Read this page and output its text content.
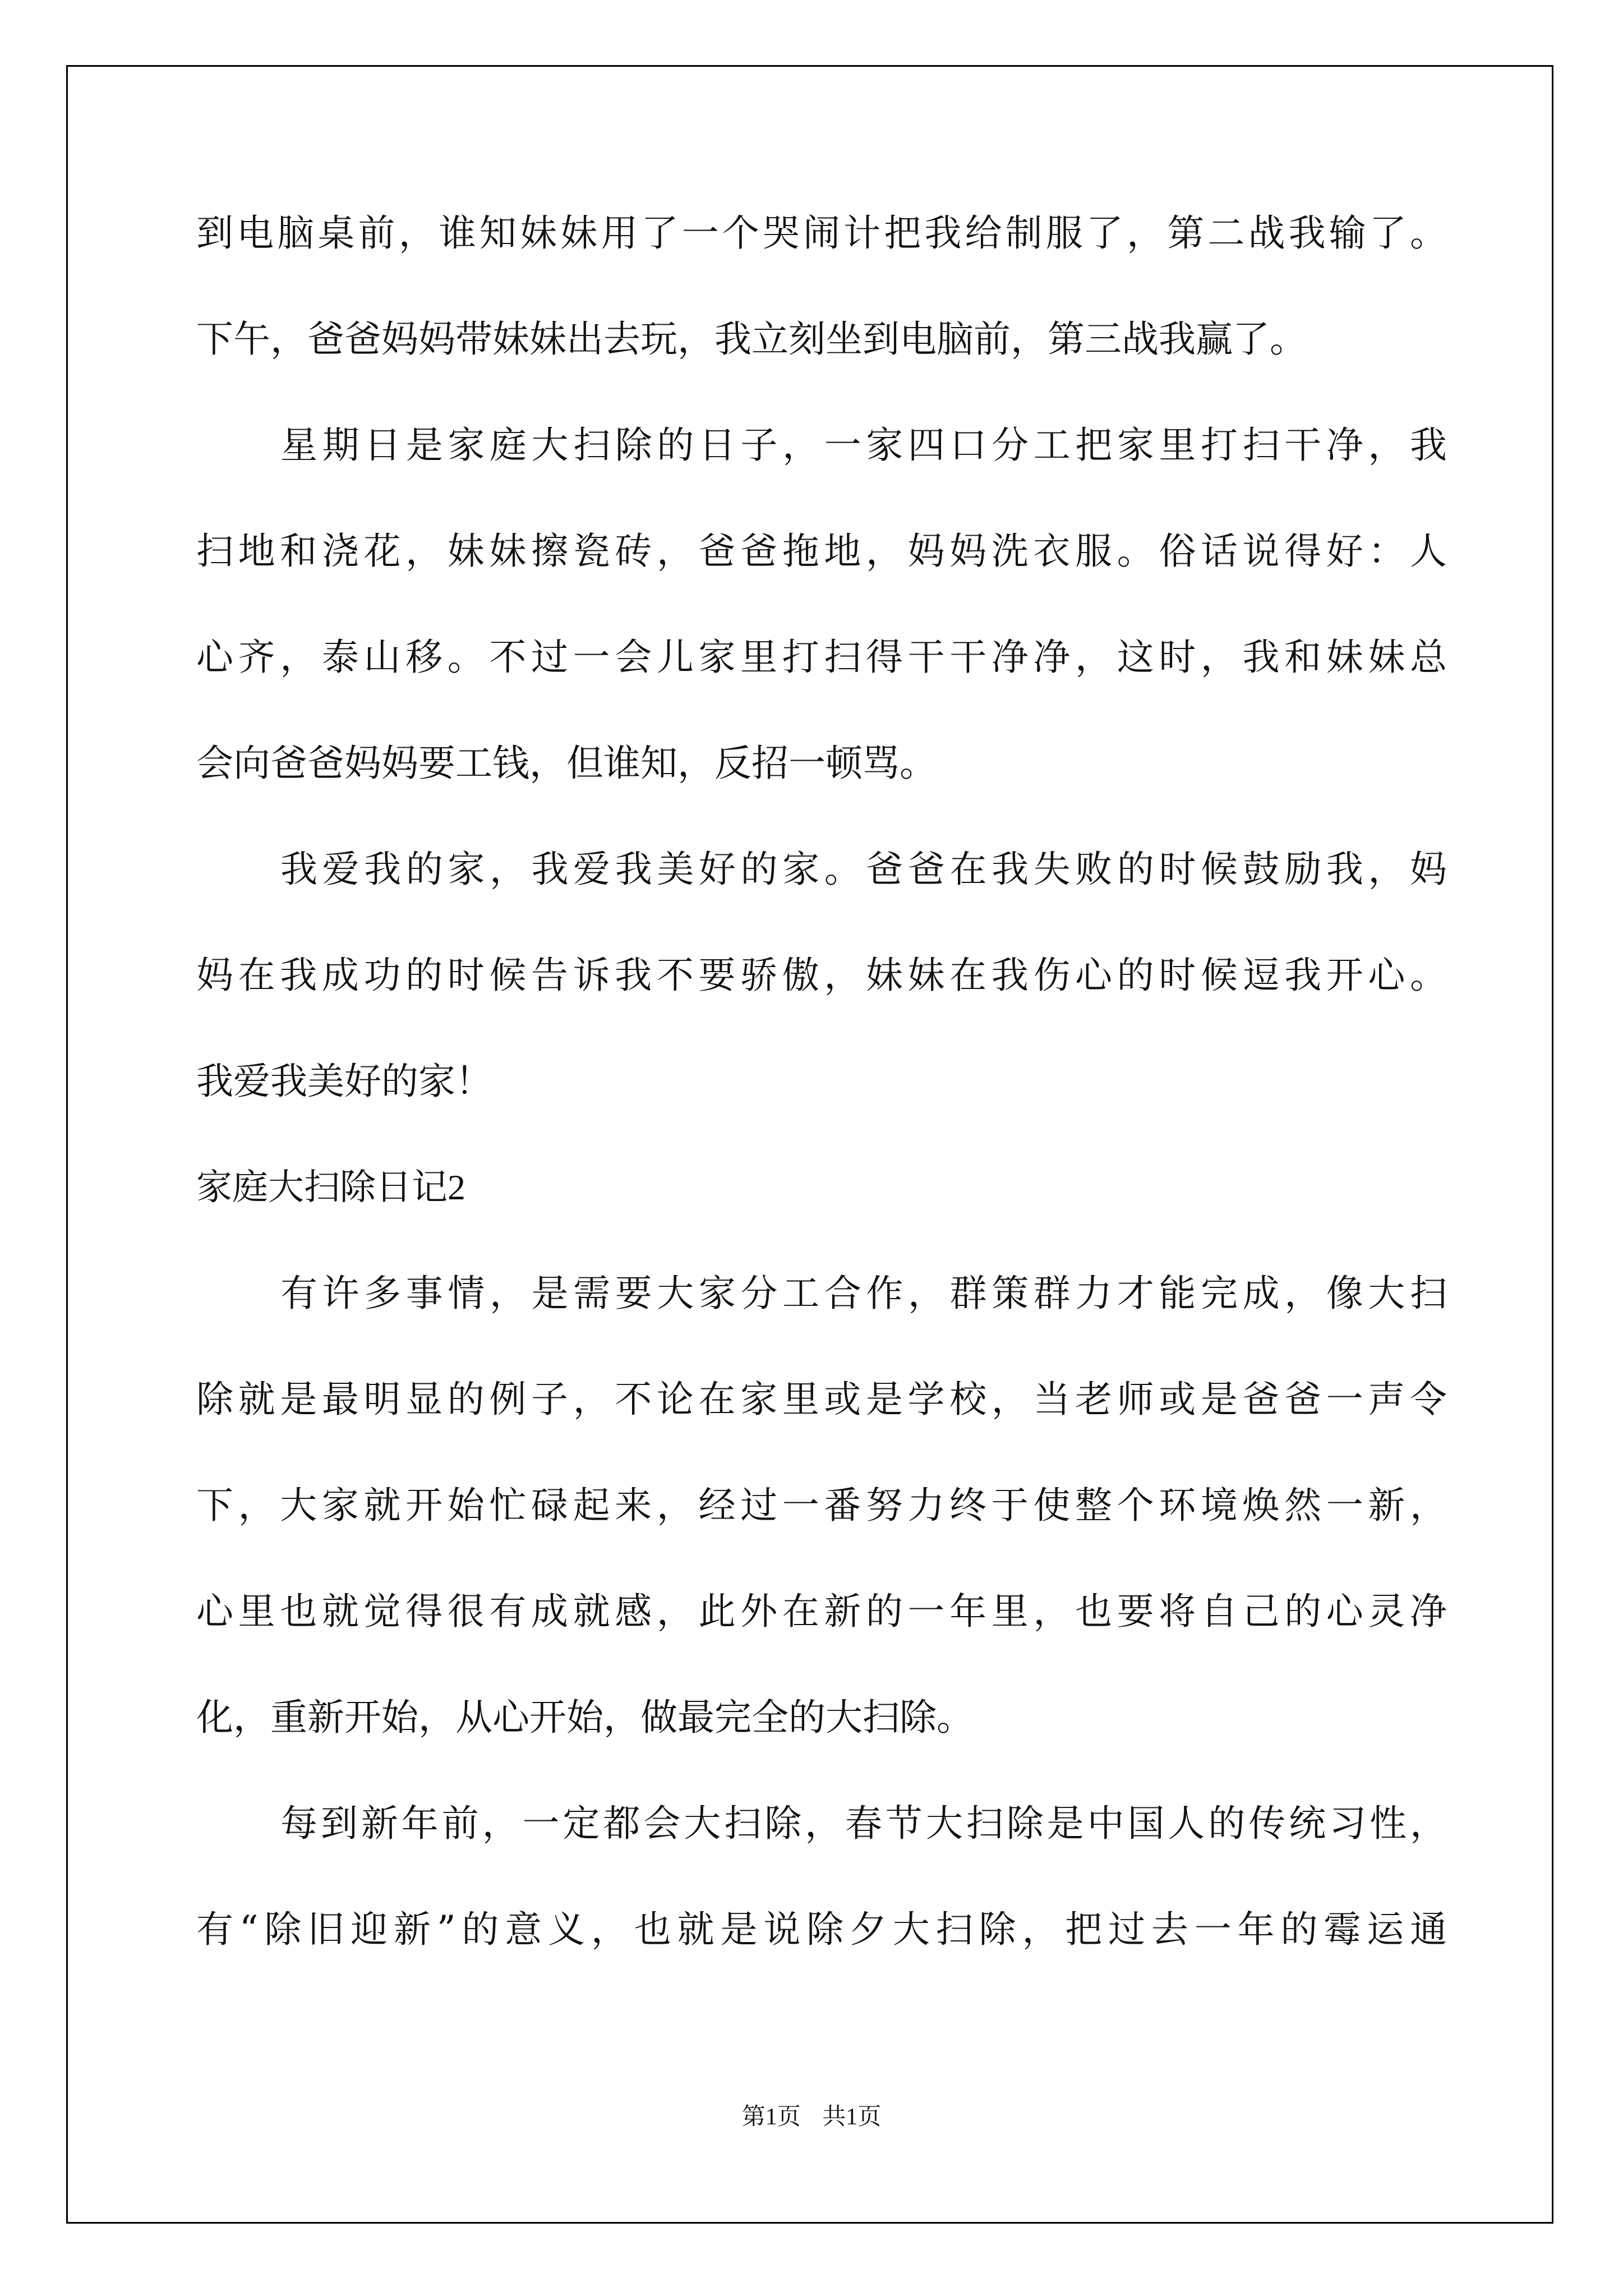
到电脑桌前，谁知妹妹用了一个哭闹计把我给制服了，第二战我输了。

下午，爸爸妈妈带妹妹出去玩，我立刻坐到电脑前，第三战我赢了。

星期日是家庭大扫除的日子，一家四口分工把家里打扫干净，我

扫地和浇花，妹妹擦瓷砖，爸爸拖地，妈妈洗衣服。俗话说得好：人

心齐，泰山移。不过一会儿家里打扫得干干净净，这时，我和妹妹总

会向爸爸妈妈要工钱，但谁知，反招一顿骂。

我爱我的家，我爱我美好的家。爸爸在我失败的时候鼓励我，妈

妈在我成功的时候告诉我不要骄傲，妹妹在我伤心的时候逗我开心。

我爱我美好的家！

家庭大扫除日记2

有许多事情，是需要大家分工合作，群策群力才能完成，像大扫

除就是最明显的例子，不论在家里或是学校，当老师或是爸爸一声令

下，大家就开始忙碌起来，经过一番努力终于使整个环境焕然一新，

心里也就觉得很有成就感，此外在新的一年里，也要将自己的心灵净

化，重新开始，从心开始，做最完全的大扫除。

每到新年前，一定都会大扫除，春节大扫除是中国人的传统习性，

有“除旧迎新”的意义，也就是说除夕大扫除，把过去一年的霉运通

第1页 共1页
